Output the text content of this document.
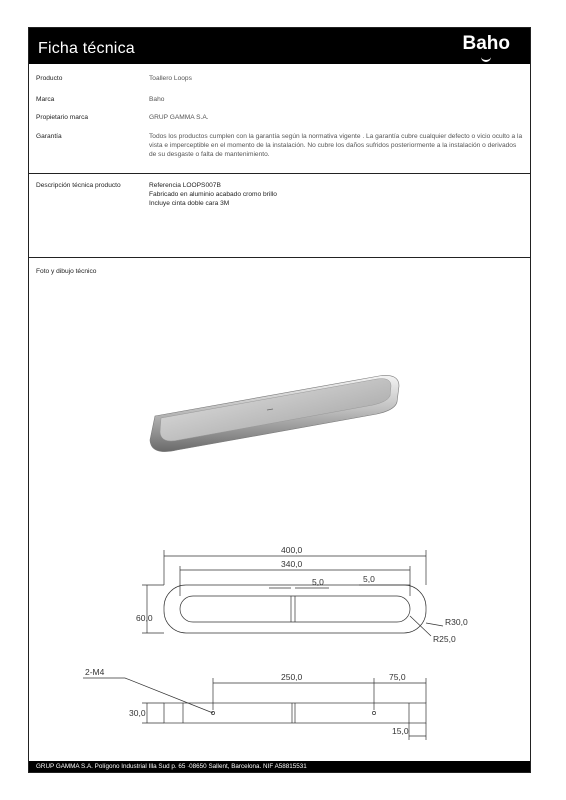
Ficha técnica	Baho
Producto	Toallero Loops
Marca	Baho
Propietario marca	GRUP GAMMA S.A.
Garantía	Todos los productos cumplen con la garantía según la normativa vigente . La garantía cubre cualquier defecto o vicio oculto a la vista e imperceptible en el momento de la instalación. No cubre los daños sufridos posteriormente a la instalación o derivados de su desgaste o falta de mantenimiento.
Descripción técnica producto	Referencia LOOPS007B
Fabricado en aluminio acabado cromo brillo
Incluye cinta doble cara 3M
Foto y dibujo técnico
400,0
340,0
5,0	5,0
60,0	R30,0
R25,0
2-M4	250,0	75,0
30,0
15,0
GRUP GAMMA S.A. Polígono Industrial Illa Sud p. 65 ·08650 Sallent, Barcelona. NIF A58815531
